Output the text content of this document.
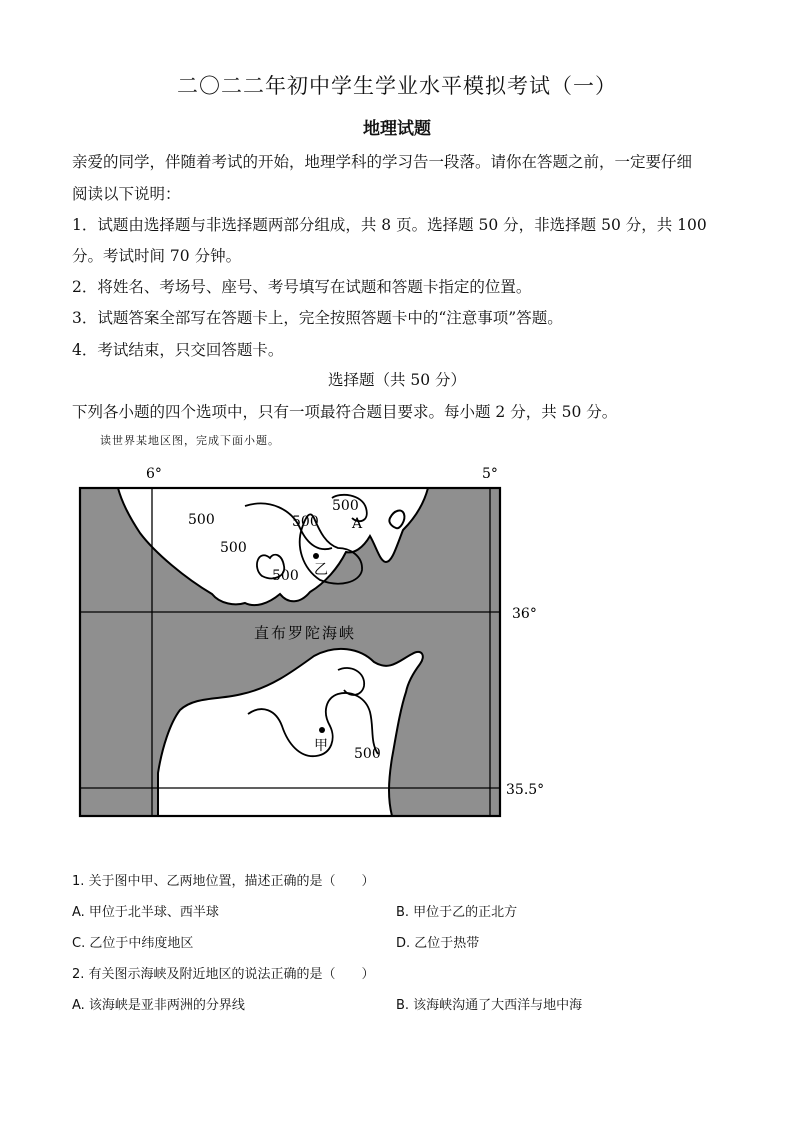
二〇二二年初中学生学业水平模拟考试（一）
地理试题
亲爱的同学，伴随着考试的开始，地理学科的学习告一段落。请你在答题之前，一定要仔细
阅读以下说明：
1．试题由选择题与非选择题两部分组成，共 8 页。选择题 50 分，非选择题 50 分，共 100
分。考试时间 70 分钟。
2．将姓名、考场号、座号、考号填写在试题和答题卡指定的位置。
3．试题答案全部写在答题卡上，完全按照答题卡中的“注意事项”答题。
4．考试结束，只交回答题卡。
选择题（共 50 分）
下列各小题的四个选项中，只有一项最符合题目要求。每小题 2 分，共 50 分。
读世界某地区图，完成下面小题。
6°	5°
36°
35.5°
500	500
500
500
500
500
A
乙
甲
直布罗陀海峡
1. 关于图中甲、乙两地位置，描述正确的是（　　）
A. 甲位于北半球、西半球	B. 甲位于乙的正北方
C. 乙位于中纬度地区	D. 乙位于热带
2. 有关图示海峡及附近地区的说法正确的是（　　）
A. 该海峡是亚非两洲的分界线	B. 该海峡沟通了大西洋与地中海
